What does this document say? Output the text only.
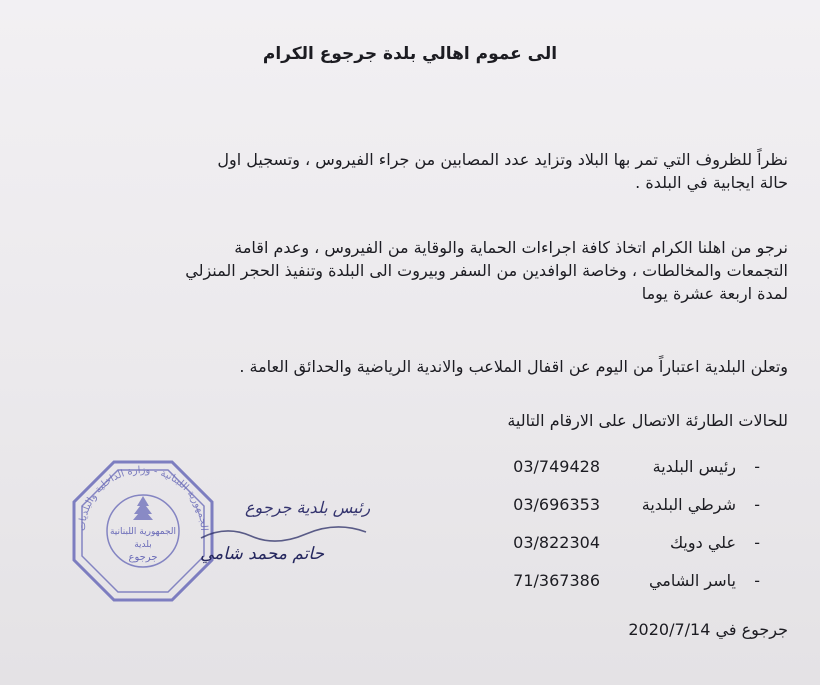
الى عموم اهالي بلدة جرجوع الكرام
نظراً للظروف التي تمر بها البلاد وتزايد عدد المصابين من جراء الفيروس ، وتسجيل اول
حالة ايجابية في البلدة .
نرجو من اهلنا الكرام اتخاذ كافة اجراءات الحماية والوقاية من الفيروس ، وعدم اقامة
التجمعات والمخالطات ، وخاصة الوافدين من السفر وبيروت الى البلدة وتنفيذ الحجر المنزلي
لمدة اربعة عشرة يوما
وتعلن البلدية اعتباراً من اليوم عن اقفال الملاعب والاندية الرياضية والحدائق العامة .
للحالات الطارئة الاتصال على الارقام التالية
-
رئيس البلدية
03/749428
-
شرطي البلدية
03/696353
-
علي دويك
03/822304
-
ياسر الشامي
71/367386
الجمهورية اللبنانية - وزارة الداخلية والبلديات
الجمهورية اللبنانية
بلدية
جرجوع
رئيس بلدية جرجوع
حاتم محمد شامي
جرجوع في 2020/7/14
